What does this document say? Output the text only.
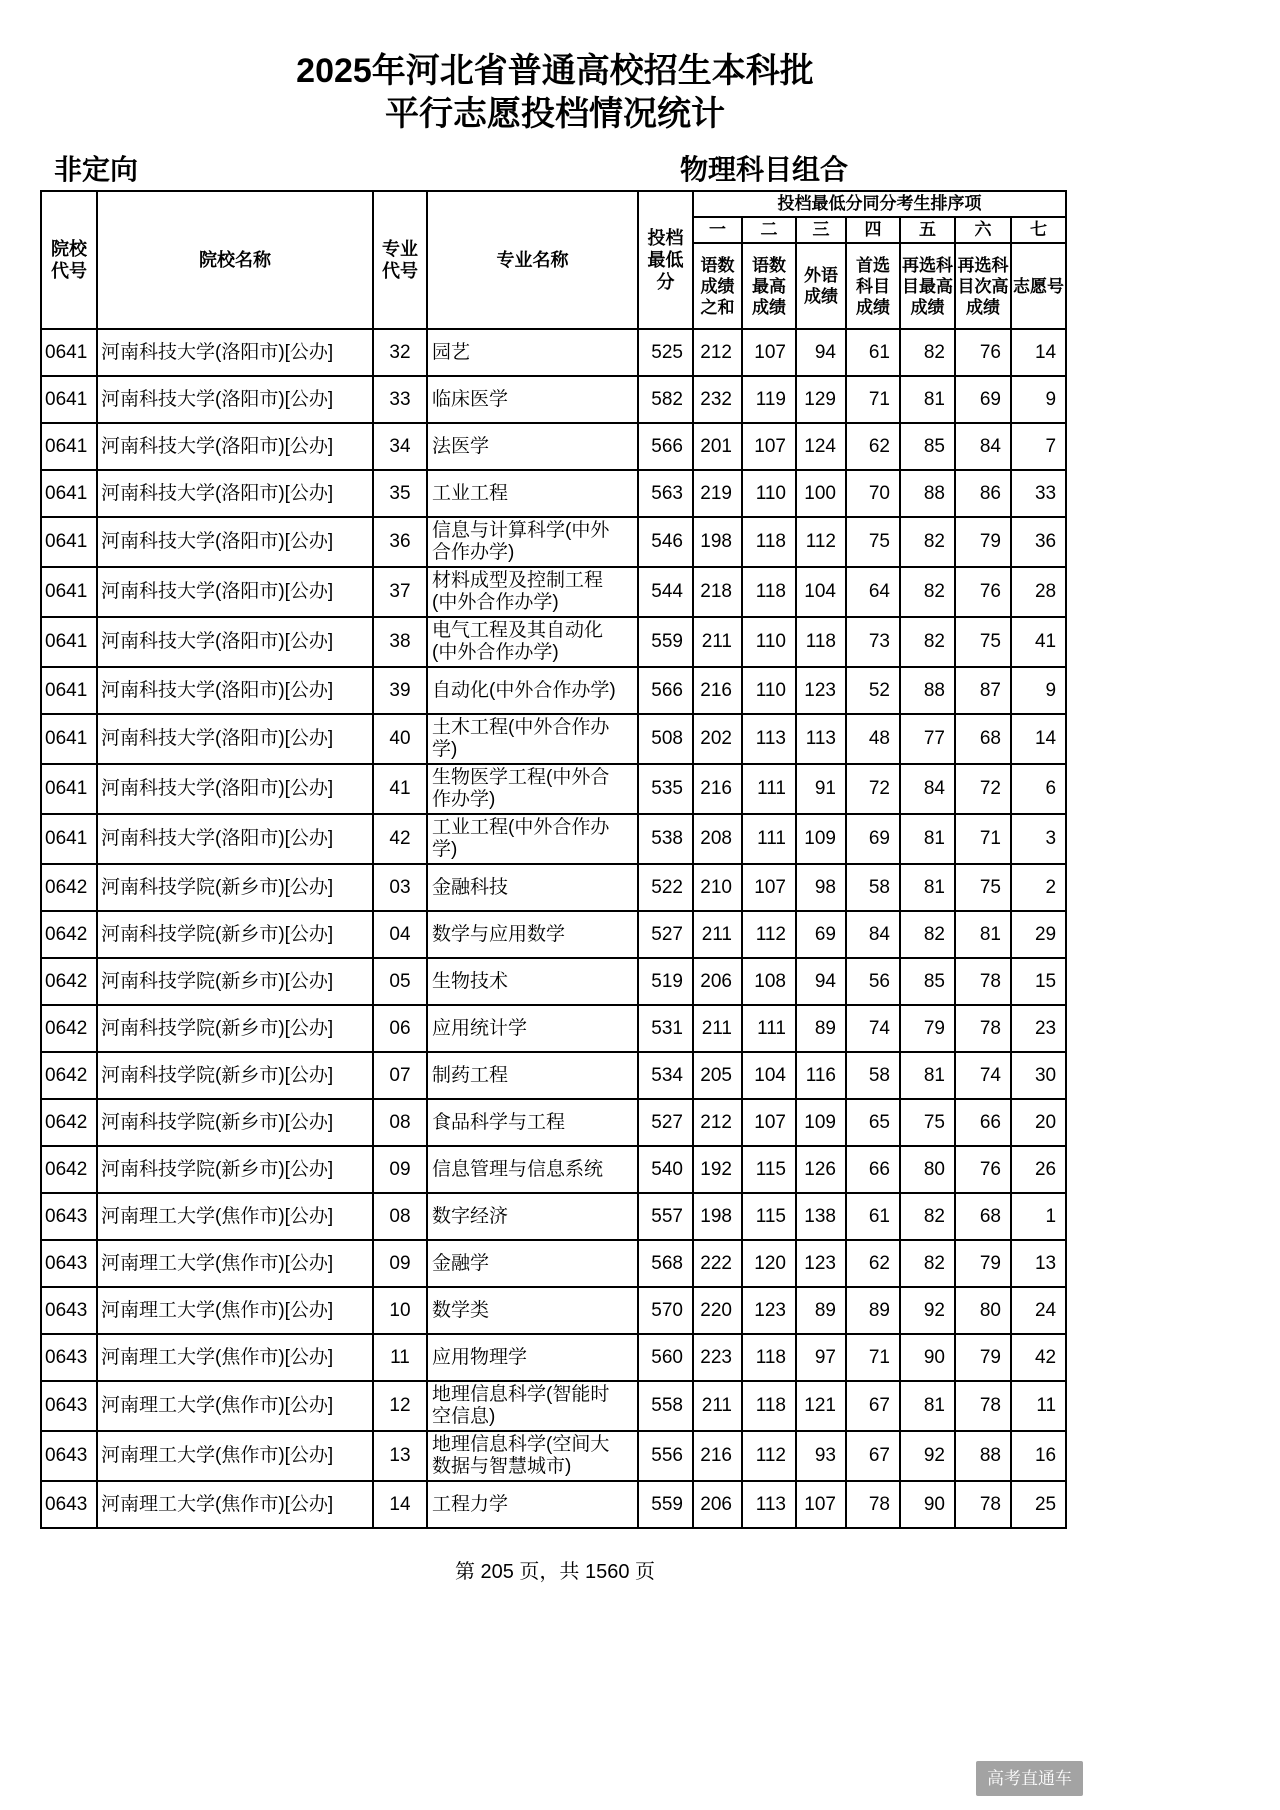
2025年河北省普通高校招生本科批
平行志愿投档情况统计
非定向	物理科目组合
院校代号	院校名称	专业代号	专业名称	投档最低分	投档最低分同分考生排序项						
					一	二	三	四	五	六	七
					语数成绩之和	语数最高成绩	外语成绩	首选科目成绩	再选科目最高成绩	再选科目次高成绩	志愿号
0641	河南科技大学(洛阳市)[公办]	32	园艺	525	212	107	94	61	82	76	14
0641	河南科技大学(洛阳市)[公办]	33	临床医学	582	232	119	129	71	81	69	9
0641	河南科技大学(洛阳市)[公办]	34	法医学	566	201	107	124	62	85	84	7
0641	河南科技大学(洛阳市)[公办]	35	工业工程	563	219	110	100	70	88	86	33
0641	河南科技大学(洛阳市)[公办]	36	信息与计算科学(中外合作办学)	546	198	118	112	75	82	79	36
0641	河南科技大学(洛阳市)[公办]	37	材料成型及控制工程(中外合作办学)	544	218	118	104	64	82	76	28
0641	河南科技大学(洛阳市)[公办]	38	电气工程及其自动化(中外合作办学)	559	211	110	118	73	82	75	41
0641	河南科技大学(洛阳市)[公办]	39	自动化(中外合作办学)	566	216	110	123	52	88	87	9
0641	河南科技大学(洛阳市)[公办]	40	土木工程(中外合作办学)	508	202	113	113	48	77	68	14
0641	河南科技大学(洛阳市)[公办]	41	生物医学工程(中外合作办学)	535	216	111	91	72	84	72	6
0641	河南科技大学(洛阳市)[公办]	42	工业工程(中外合作办学)	538	208	111	109	69	81	71	3
0642	河南科技学院(新乡市)[公办]	03	金融科技	522	210	107	98	58	81	75	2
0642	河南科技学院(新乡市)[公办]	04	数学与应用数学	527	211	112	69	84	82	81	29
0642	河南科技学院(新乡市)[公办]	05	生物技术	519	206	108	94	56	85	78	15
0642	河南科技学院(新乡市)[公办]	06	应用统计学	531	211	111	89	74	79	78	23
0642	河南科技学院(新乡市)[公办]	07	制药工程	534	205	104	116	58	81	74	30
0642	河南科技学院(新乡市)[公办]	08	食品科学与工程	527	212	107	109	65	75	66	20
0642	河南科技学院(新乡市)[公办]	09	信息管理与信息系统	540	192	115	126	66	80	76	26
0643	河南理工大学(焦作市)[公办]	08	数字经济	557	198	115	138	61	82	68	1
0643	河南理工大学(焦作市)[公办]	09	金融学	568	222	120	123	62	82	79	13
0643	河南理工大学(焦作市)[公办]	10	数学类	570	220	123	89	89	92	80	24
0643	河南理工大学(焦作市)[公办]	11	应用物理学	560	223	118	97	71	90	79	42
0643	河南理工大学(焦作市)[公办]	12	地理信息科学(智能时空信息)	558	211	118	121	67	81	78	11
0643	河南理工大学(焦作市)[公办]	13	地理信息科学(空间大数据与智慧城市)	556	216	112	93	67	92	88	16
0643	河南理工大学(焦作市)[公办]	14	工程力学	559	206	113	107	78	90	78	25
第 205 页，共 1560 页
高考直通车
